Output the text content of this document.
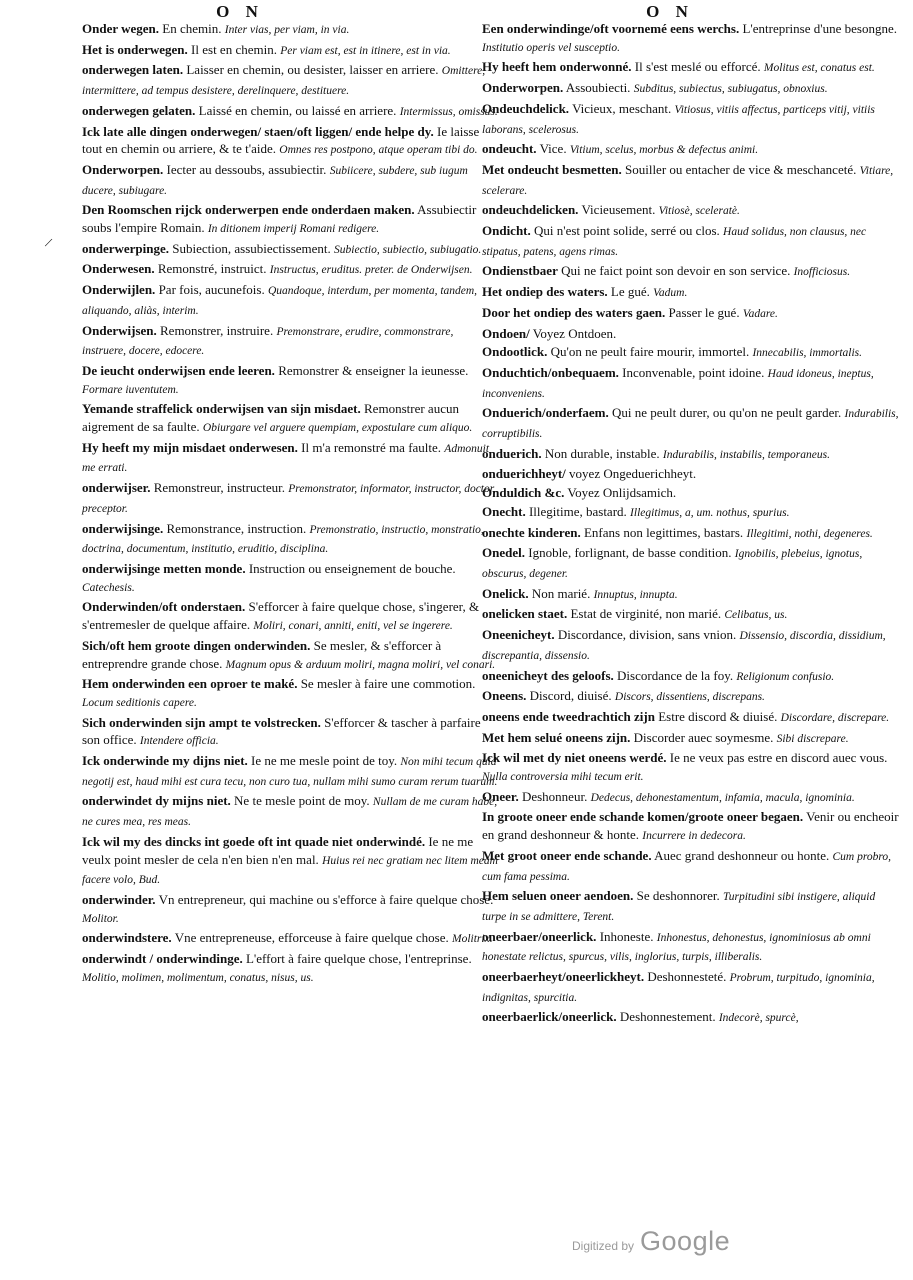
O N	O N
/
Onder wegen. En chemin. Inter vias, per viam, in via.
Het is onderwegen. Il est en chemin. Per viam est, est in itinere, est in via.
onderwegen laten. Laisser en chemin, ou desister, laisser en arriere. Omittere, intermittere, ad tempus desistere, derelinquere, destituere.
onderwegen gelaten. Laissé en chemin, ou laissé en arriere. Intermissus, omissus.
Ick late alle dingen onderwegen/ staen/oft liggen/ ende helpe dy. Ie laisse tout en chemin ou arriere, & te t'aide. Omnes res postpono, atque operam tibi do.
Onderworpen. Iecter au dessoubs, assubiectir. Subiicere, subdere, sub iugum ducere, subiugare.
Den Roomschen rijck onderwerpen ende onderdaen maken. Assubiectir soubs l'empire Romain. In ditionem imperij Romani redigere.
onderwerpinge. Subiection, assubiectissement. Subiectio, subiectio, subiugatio.
Onderwesen. Remonstré, instruict. Instructus, eruditus. preter. de Onderwijsen.
Onderwijlen. Par fois, aucunefois. Quandoque, interdum, per momenta, tandem, aliquando, aliàs, interim.
Onderwijsen. Remonstrer, instruire. Premonstrare, erudire, commonstrare, instruere, docere, edocere.
De ieucht onderwijsen ende leeren. Remonstrer & enseigner la ieunesse. Formare iuventutem.
Yemande straffelick onderwijsen van sijn misdaet. Remonstrer aucun aigrement de sa faulte. Obiurgare vel arguere quempiam, expostulare cum aliquo.
Hy heeft my mijn misdaet onderwesen. Il m'a remonstré ma faulte. Admonuit me errati.
onderwijser. Remonstreur, instructeur. Premonstrator, informator, instructor, doctor, preceptor.
onderwijsinge. Remonstrance, instruction. Premonstratio, instructio, monstratio, doctrina, documentum, institutio, eruditio, disciplina.
onderwijsinge metten monde. Instruction ou enseignement de bouche. Catechesis.
Onderwinden/oft onderstaen. S'efforcer à faire quelque chose, s'ingerer, & s'entremesler de quelque affaire. Moliri, conari, anniti, eniti, vel se ingerere.
Sich/oft hem groote dingen onderwinden. Se mesler, & s'efforcer à entreprendre grande chose. Magnum opus & arduum moliri, magna moliri, vel conari.
Hem onderwinden een oproer te maké. Se mesler à faire une commotion. Locum seditionis capere.
Sich onderwinden sijn ampt te volstrecken. S'efforcer & tascher à parfaire son office. Intendere officia.
Ick onderwinde my dijns niet. Ie ne me mesle point de toy. Non mihi tecum quid negotij est, haud mihi est cura tecu, non curo tua, nullam mihi sumo curam rerum tuarum.
onderwindet dy mijns niet. Ne te mesle point de moy. Nullam de me curam habe, ne cures mea, res meas.
Ick wil my des dincks int goede oft int quade niet onderwindé. Ie ne me veulx point mesler de cela n'en bien n'en mal. Huius rei nec gratiam nec litem meam facere volo, Bud.
onderwinder. Vn entrepreneur, qui machine ou s'efforce à faire quelque chose. Molitor.
onderwindstere. Vne entrepreneuse, efforceuse à faire quelque chose. Molitrix.
onderwindt / onderwindinge. L'effort à faire quelque chose, l'entreprinse. Molitio, molimen, molimentum, conatus, nisus, us.
Een onderwindinge/oft voornemé eens werchs. L'entreprinse d'une besongne. Institutio operis vel susceptio.
Hy heeft hem onderwonné. Il s'est meslé ou efforcé. Molitus est, conatus est.
Onderworpen. Assoubiecti. Subditus, subiectus, subiugatus, obnoxius.
Ondeuchdelick. Vicieux, meschant. Vitiosus, vitiis affectus, particeps vitij, vitiis laborans, scelerosus.
ondeucht. Vice. Vitium, scelus, morbus & defectus animi.
Met ondeucht besmetten. Souiller ou entacher de vice & meschanceté. Vitiare, scelerare.
ondeuchdelicken. Vicieusement. Vitiosè, sceleratè.
Ondicht. Qui n'est point solide, serré ou clos. Haud solidus, non clausus, nec stipatus, patens, agens rimas.
Ondienstbaer Qui ne faict point son devoir en son service. Inofficiosus.
Het ondiep des waters. Le gué. Vadum.
Door het ondiep des waters gaen. Passer le gué. Vadare.
Ondoen/ Voyez Ontdoen.
Ondootlick. Qu'on ne peult faire mourir, immortel. Innecabilis, immortalis.
Onduchtich/onbequaem. Inconvenable, point idoine. Haud idoneus, ineptus, inconveniens.
Onduerich/onderfaem. Qui ne peult durer, ou qu'on ne peult garder. Indurabilis, corruptibilis.
onduerich. Non durable, instable. Indurabilis, instabilis, temporaneus.
onduerichheyt/ voyez Ongeduerichheyt.
Onduldich &c. Voyez Onlijdsamich.
Onecht. Illegitime, bastard. Illegitimus, a, um. nothus, spurius.
onechte kinderen. Enfans non legittimes, bastars. Illegitimi, nothi, degeneres.
Onedel. Ignoble, forlignant, de basse condition. Ignobilis, plebeius, ignotus, obscurus, degener.
Onelick. Non marié. Innuptus, innupta.
onelicken staet. Estat de virginité, non marié. Celibatus, us.
Oneenicheyt. Discordance, division, sans vnion. Dissensio, discordia, dissidium, discrepantia, dissensio.
oneenicheyt des geloofs. Discordance de la foy. Religionum confusio.
Oneens. Discord, diuisé. Discors, dissentiens, discrepans.
oneens ende tweedrachtich zijn Estre discord & diuisé. Discordare, discrepare.
Met hem selué oneens zijn. Discorder auec soymesme. Sibi discrepare.
Ick wil met dy niet oneens werdé. Ie ne veux pas estre en discord auec vous. Nulla controversia mihi tecum erit.
Oneer. Deshonneur. Dedecus, dehonestamentum, infamia, macula, ignominia.
In groote oneer ende schande komen/groote oneer begaen. Venir ou encheoir en grand deshonneur & honte. Incurrere in dedecora.
Met groot oneer ende schande. Auec grand deshonneur ou honte. Cum probro, cum fama pessima.
Hem seluen oneer aendoen. Se deshonnorer. Turpitudini sibi instigere, aliquid turpe in se admittere, Terent.
oneerbaer/oneerlick. Inhoneste. Inhonestus, dehonestus, ignominiosus ab omni honestate relictus, spurcus, vilis, inglorius, turpis, illiberalis.
oneerbaerheyt/oneerlickheyt. Deshonnesteté. Probrum, turpitudo, ignominia, indignitas, spurcitia.
oneerbaerlick/oneerlick. Deshonnestement. Indecorè, spurcè,
Digitized by Google
